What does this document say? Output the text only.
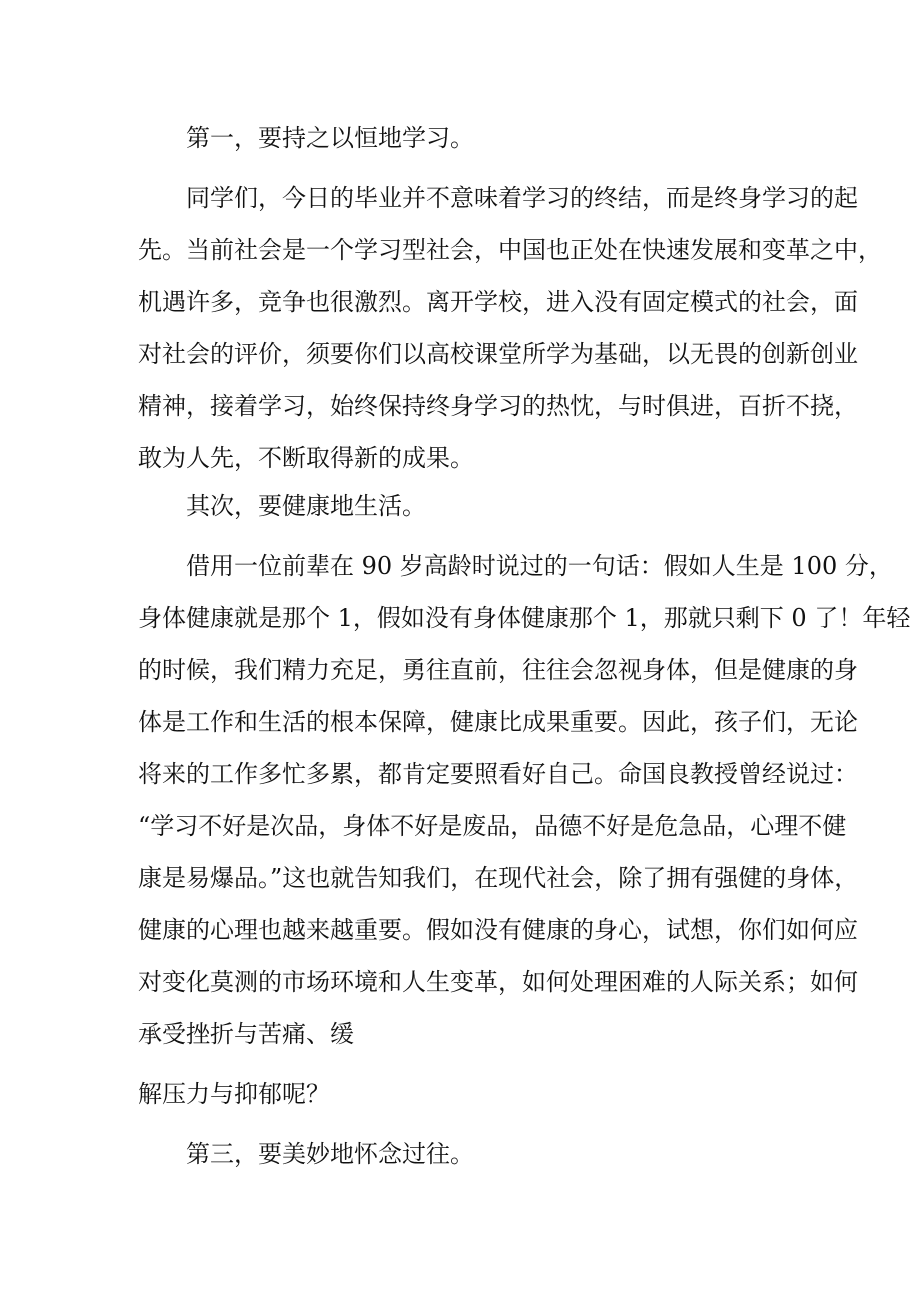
第一，要持之以恒地学习。
同学们，今日的毕业并不意味着学习的终结，而是终身学习的起
先。当前社会是一个学习型社会，中国也正处在快速发展和变革之中，
机遇许多，竞争也很激烈。离开学校，进入没有固定模式的社会，面
对社会的评价，须要你们以高校课堂所学为基础，以无畏的创新创业
精神，接着学习，始终保持终身学习的热忱，与时俱进，百折不挠，
敢为人先，不断取得新的成果。
其次，要健康地生活。
借用一位前辈在 90 岁高龄时说过的一句话：假如人生是 100 分，
身体健康就是那个 1，假如没有身体健康那个 1，那就只剩下 0 了！年轻
的时候，我们精力充足，勇往直前，往往会忽视身体，但是健康的身
体是工作和生活的根本保障，健康比成果重要。因此，孩子们，无论
将来的工作多忙多累，都肯定要照看好自己。命国良教授曾经说过：
“学习不好是次品，身体不好是废品，品德不好是危急品，心理不健
康是易爆品。”这也就告知我们，在现代社会，除了拥有强健的身体，
健康的心理也越来越重要。假如没有健康的身心，试想，你们如何应
对变化莫测的市场环境和人生变革，如何处理困难的人际关系；如何
承受挫折与苦痛、缓
解压力与抑郁呢？
第三，要美妙地怀念过往。
